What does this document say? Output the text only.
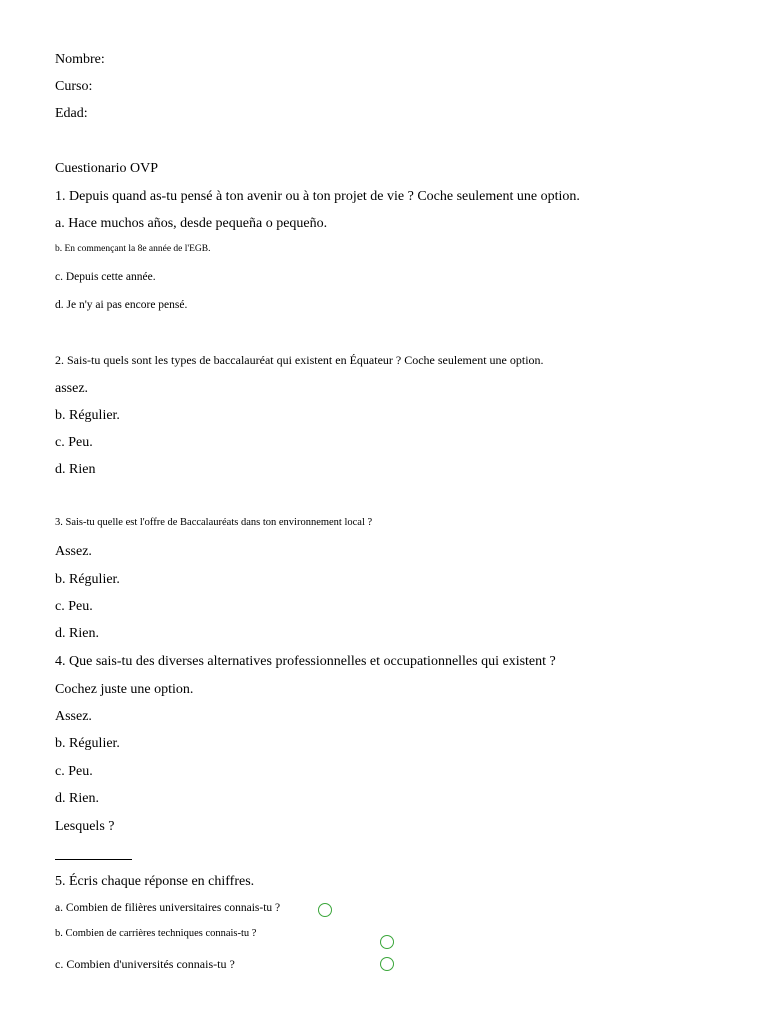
Nombre:
Curso:
Edad:
Cuestionario OVP
1. Depuis quand as-tu pensé à ton avenir ou à ton projet de vie ? Coche seulement une option.
a. Hace muchos años, desde pequeña o pequeño.
b. En commençant la 8e année de l'EGB.
c. Depuis cette année.
d. Je n'y ai pas encore pensé.
2. Sais-tu quels sont les types de baccalauréat qui existent en Équateur ? Coche seulement une option.
assez.
b. Régulier.
c. Peu.
d. Rien
3. Sais-tu quelle est l'offre de Baccalauréats dans ton environnement local ?
Assez.
b. Régulier.
c. Peu.
d. Rien.
4. Que sais-tu des diverses alternatives professionnelles et occupationnelles qui existent ?
Cochez juste une option.
Assez.
b. Régulier.
c. Peu.
d. Rien.
Lesquels ?
5. Écris chaque réponse en chiffres.
a. Combien de filières universitaires connais-tu ?
b. Combien de carrières techniques connais-tu ?
c. Combien d'universités connais-tu ?
